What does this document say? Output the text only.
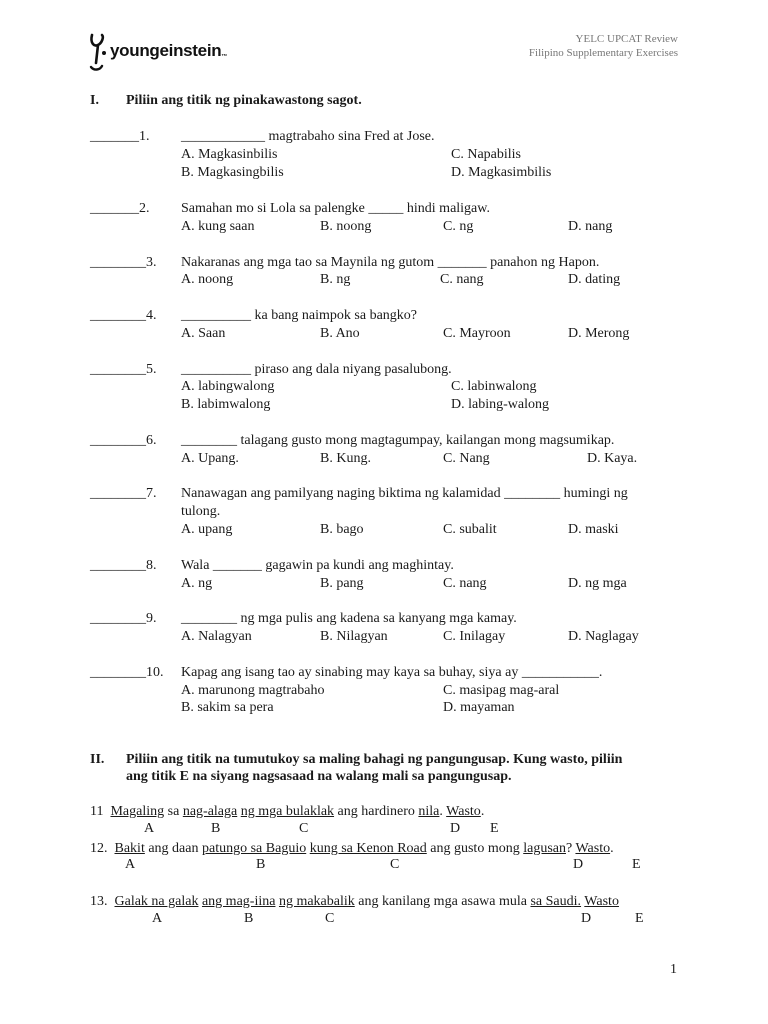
youngeinstein™
YELC UPCAT Review
Filipino Supplementary Exercises
I. Piliin ang titik ng pinakawastong sagot.
_______1. ____________ magtrabaho sina Fred at Jose.
A. Magkasinbilis	C. Napabilis
B. Magkasingbilis	D. Magkasimbilis
_______2. Samahan mo si Lola sa palengke _____ hindi maligaw.
A. kung saan	B. noong	C. ng	D. nang
________3. Nakaranas ang mga tao sa Maynila ng gutom _______ panahon ng Hapon.
A. noong	B. ng	C. nang	D. dating
________4. __________ ka bang naimpok sa bangko?
A. Saan	B. Ano	C. Mayroon	D. Merong
________5. __________ piraso ang dala niyang pasalubong.
A. labingwalong	C. labinwalong
B. labimwalong	D. labing-walong
________6. ________ talagang gusto mong magtagumpay, kailangan mong magsumikap.
A. Upang.	B. Kung.	C. Nang	D. Kaya.
________7. Nanawagan ang pamilyang naging biktima ng kalamidad ________ humingi ng
tulong.
A. upang	B. bago	C. subalit	D. maski
________8. Wala _______ gagawin pa kundi ang maghintay.
A. ng	B. pang	C. nang	D. ng mga
________9. ________ ng mga pulis ang kadena sa kanyang mga kamay.
A. Nalagyan	B. Nilagyan	C. Inilagay	D. Naglagay
________10. Kapag ang isang tao ay sinabing may kaya sa buhay, siya ay ___________.
A. marunong magtrabaho	C. masipag mag-aral
B. sakim sa pera	D. mayaman
II. Piliin ang titik na tumutukoy sa maling bahagi ng pangungusap. Kung wasto, piliin
ang titik E na siyang nagsasaad na walang mali sa pangungusap.
11 Magaling sa nag-alaga ng mga bulaklak ang hardinero nila. Wasto.
A	B	C	D E
12. Bakit ang daan patungo sa Baguio kung sa Kenon Road ang gusto mong lagusan? Wasto.
A	B	C	D	E
13. Galak na galak ang mag-iina ng makabalik ang kanilang mga asawa mula sa Saudi. Wasto
A	B	C	D	E
1
